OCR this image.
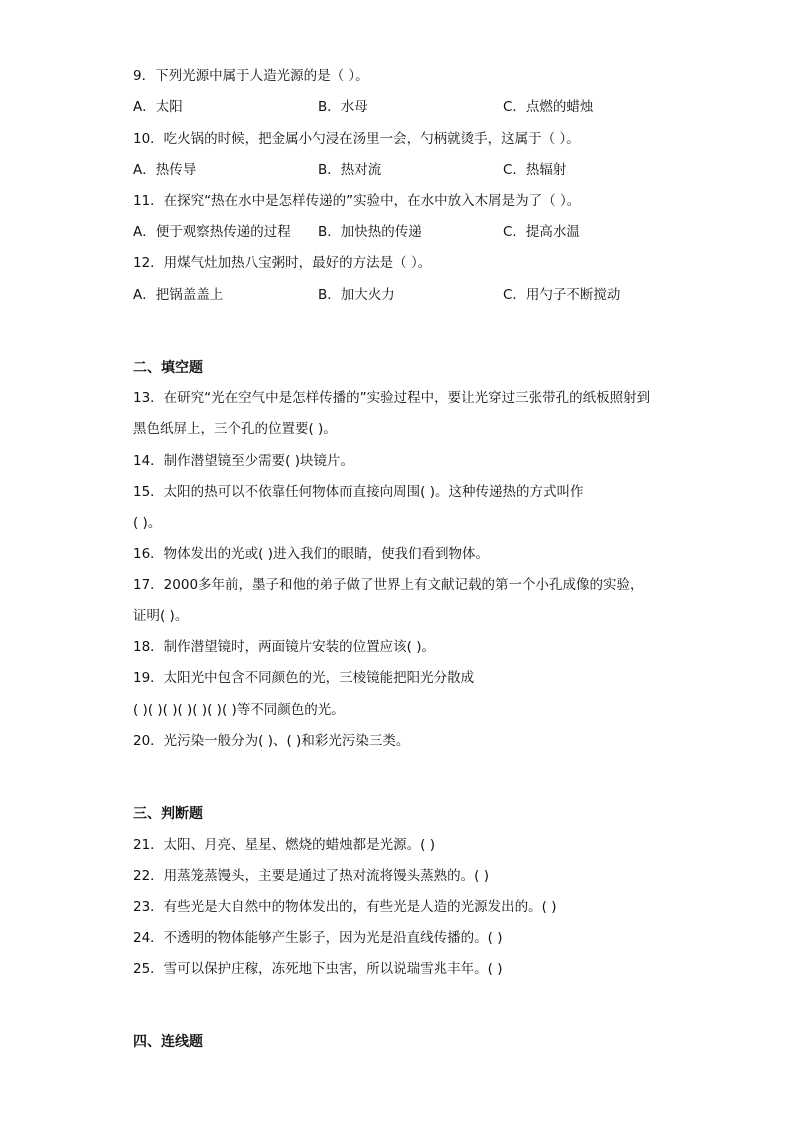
9．下列光源中属于人造光源的是（ ）。
A．太阳	B．水母	C．点燃的蜡烛
10．吃火锅的时候，把金属小勺浸在汤里一会，勺柄就烫手，这属于（ ）。
A．热传导	B．热对流	C．热辐射
11．在探究“热在水中是怎样传递的”实验中，在水中放入木屑是为了（ ）。
A．便于观察热传递的过程 B．加快热的传递	C．提高水温
12．用煤气灶加热八宝粥时，最好的方法是（ ）。
A．把锅盖盖上	B．加大火力	C．用勺子不断搅动
二、填空题
13．在研究“光在空气中是怎样传播的”实验过程中，要让光穿过三张带孔的纸板照射到
黑色纸屏上，三个孔的位置要( )。
14．制作潜望镜至少需要( )块镜片。
15．太阳的热可以不依靠任何物体而直接向周围( )。这种传递热的方式叫作
( )。
16．物体发出的光或( )进入我们的眼睛，使我们看到物体。
17．2000多年前，墨子和他的弟子做了世界上有文献记载的第一个小孔成像的实验，
证明( )。
18．制作潜望镜时，两面镜片安装的位置应该( )。
19．太阳光中包含不同颜色的光，三棱镜能把阳光分散成
( )( )( )( )( )( )( )等不同颜色的光。
20．光污染一般分为( )、( )和彩光污染三类。
三、判断题
21．太阳、月亮、星星、燃烧的蜡烛都是光源。( )
22．用蒸笼蒸馒头，主要是通过了热对流将馒头蒸熟的。( )
23．有些光是大自然中的物体发出的，有些光是人造的光源发出的。( )
24．不透明的物体能够产生影子，因为光是沿直线传播的。( )
25．雪可以保护庄稼，冻死地下虫害，所以说瑞雪兆丰年。( )
四、连线题
